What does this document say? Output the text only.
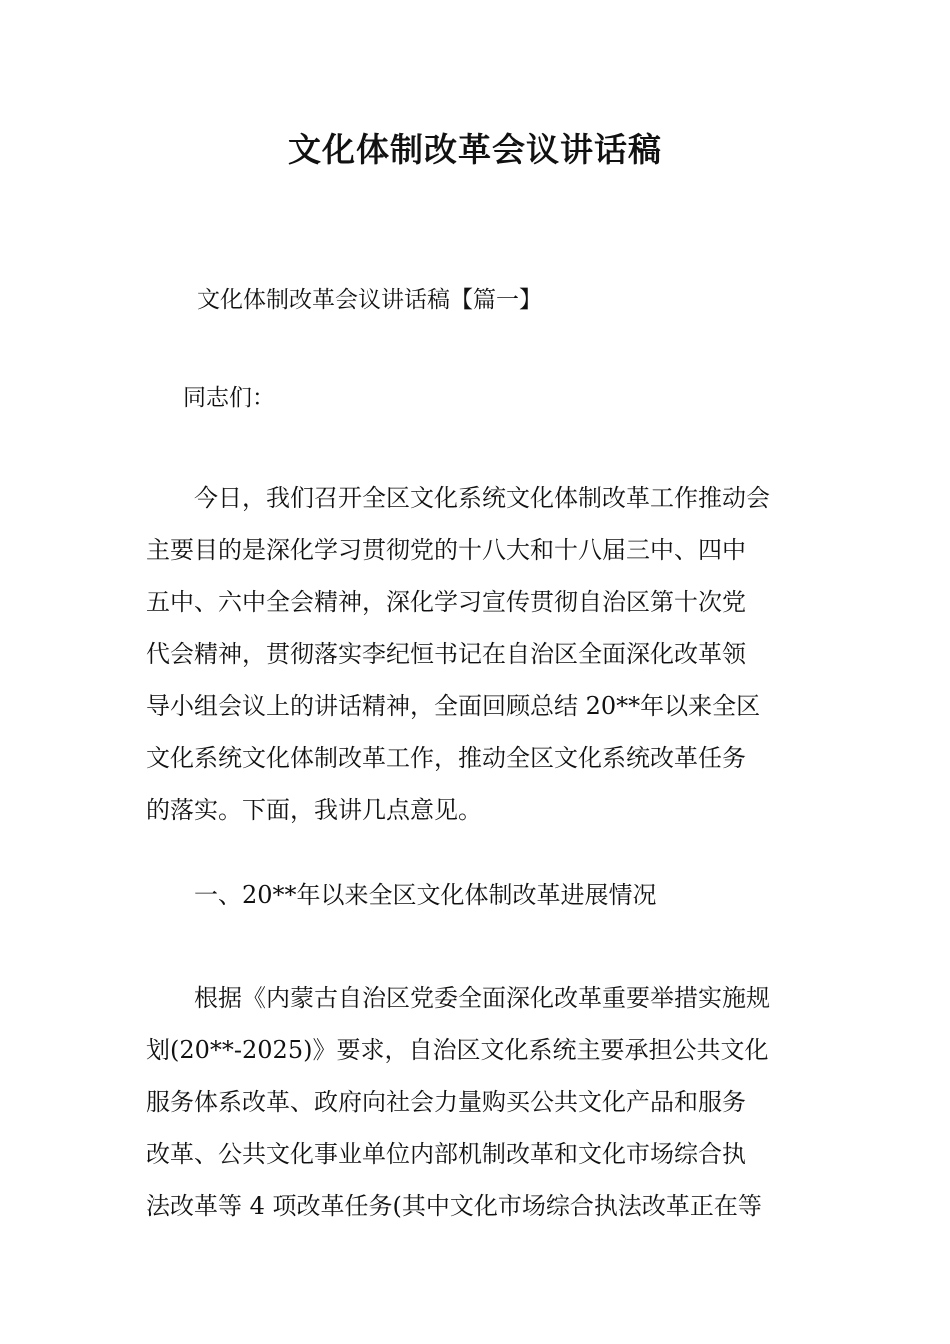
文化体制改革会议讲话稿
文化体制改革会议讲话稿【篇一】
同志们：
　　今日，我们召开全区文化系统文化体制改革工作推动会
主要目的是深化学习贯彻党的十八大和十八届三中、四中
五中、六中全会精神，深化学习宣传贯彻自治区第十次党
代会精神，贯彻落实李纪恒书记在自治区全面深化改革领
导小组会议上的讲话精神，全面回顾总结 20**年以来全区
文化系统文化体制改革工作，推动全区文化系统改革任务
的落实。下面，我讲几点意见。
　　一、20**年以来全区文化体制改革进展情况
　　根据《内蒙古自治区党委全面深化改革重要举措实施规
划(20**-2025)》要求，自治区文化系统主要承担公共文化
服务体系改革、政府向社会力量购买公共文化产品和服务
改革、公共文化事业单位内部机制改革和文化市场综合执
法改革等 4 项改革任务(其中文化市场综合执法改革正在等
